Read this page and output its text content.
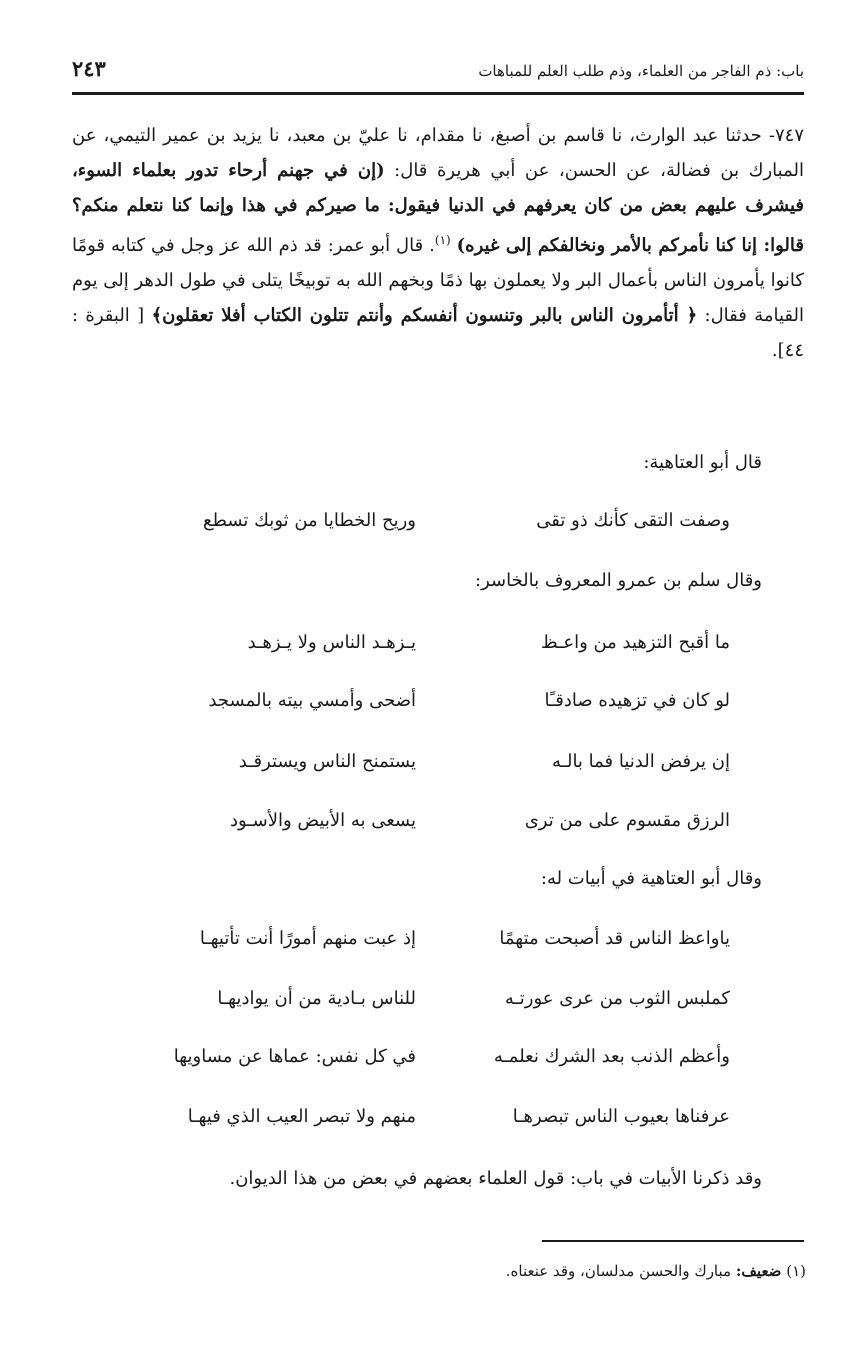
باب: ذم الفاجر من العلماء، وذم طلب العلم للمباهات
٢٤٣
٧٤٧- حدثنا عبد الوارث، نا قاسم بن أصبغ، نا مقدام، نا عليّ بن معبد، نا يزيد بن عمير التيمي، عن المبارك بن فضالة، عن الحسن، عن أبي هريرة قال: (إن في جهنم أرحاء تدور بعلماء السوء، فيشرف عليهم بعض من كان يعرفهم في الدنيا فيقول: ما صيركم في هذا وإنما كنا نتعلم منكم؟ قالوا: إنا كنا نأمركم بالأمر ونخالفكم إلى غيره) $^{(١)}$. قال أبو عمر: قد ذم الله عز وجل في كتابه قومًا كانوا يأمرون الناس بأعمال البر ولا يعملون بها ذمًا وبخهم الله به توبيخًا يتلى في طول الدهر إلى يوم القيامة فقال: ﴿ أتأمرون الناس بالبر وتنسون أنفسكم وأنتم تتلون الكتاب أفلا تعقلون﴾ [ البقرة : ٤٤].
قال أبو العتاهية:
وصفت التقى كأنك ذو تقى
وريح الخطايا من ثوبك تسطع
وقال سلم بن عمرو المعروف بالخاسر:
ما أقبح التزهيد من واعـظ
يـزهـد الناس ولا يـزهـد
لو كان في تزهيده صادقـًا
أضحى وأمسي بيته بالمسجد
إن يرفض الدنيا فما بالـه
يستمنح الناس ويسترقـد
الرزق مقسوم على من ترى
يسعى به الأبيض والأسـود
وقال أبو العتاهية في أبيات له:
ياواعظ الناس قد أصبحت متهمًا
إذ عبت منهم أمورًا أنت تأتيهـا
كملبس الثوب من عرى عورتـه
للناس بـادية من أن يواديهـا
وأعظم الذنب بعد الشرك نعلمـه
في كل نفس: عماها عن مساويها
عرفناها بعيوب الناس تبصرهـا
منهم ولا تبصر العيب الذي فيهـا
وقد ذكرنا الأبيات في باب: قول العلماء بعضهم في بعض من هذا الديوان.
(١) ضعيف: مبارك والحسن مدلسان، وقد عنعناه.
